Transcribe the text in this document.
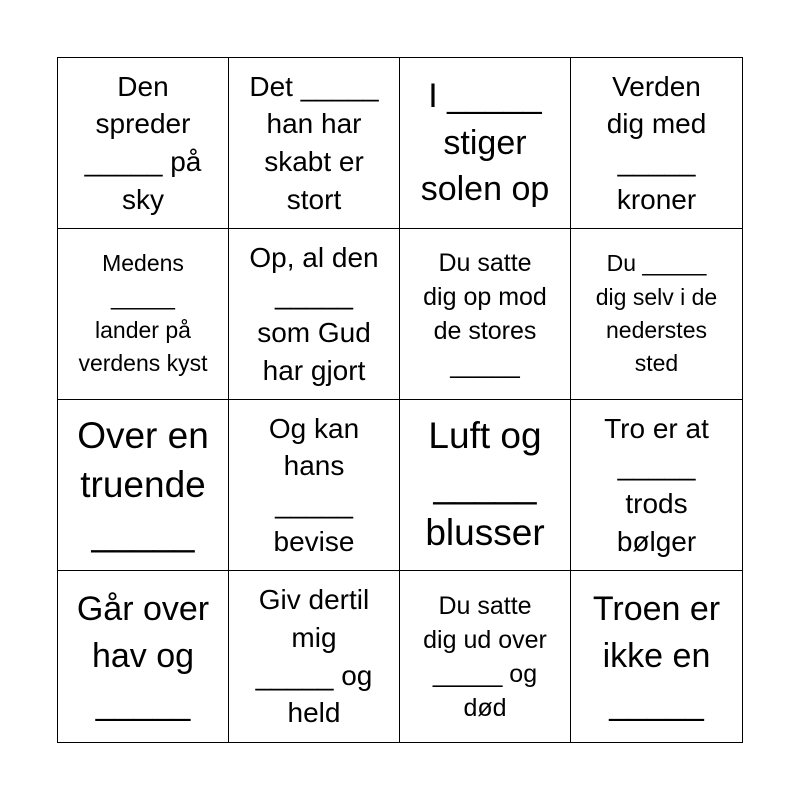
Den
spreder
_____ på
sky
Det _____
han har
skabt er
stort
I _____
stiger
solen op
Verden
dig med
_____
kroner
Medens
_____
lander på
verdens kyst
Op, al den
_____
som Gud
har gjort
Du satte
dig op mod
de stores
_____
Du _____
dig selv i de
nederstes
sted
Over en
truende
_____
Og kan
hans
_____
bevise
Luft og
_____
blusser
Tro er at
_____
trods
bølger
Går over
hav og
_____
Giv dertil
mig
_____ og
held
Du satte
dig ud over
_____ og
død
Troen er
ikke en
_____
